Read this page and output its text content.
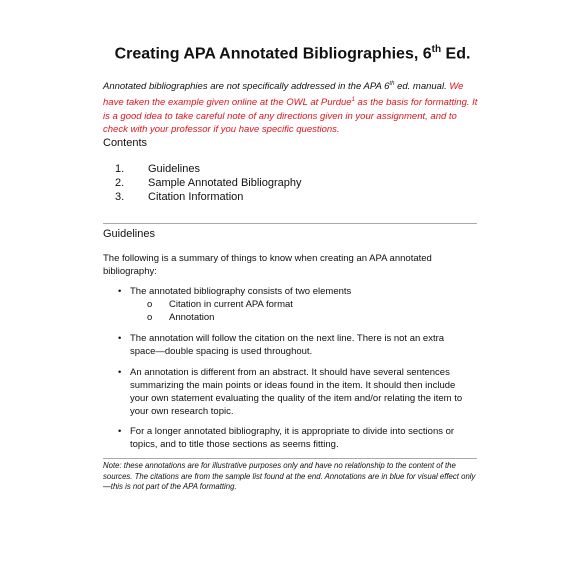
Creating APA Annotated Bibliographies, 6th Ed.
Annotated bibliographies are not specifically addressed in the APA 6th ed. manual. We have taken the example given online at the OWL at Purdue$^1$ as the basis for formatting. It is a good idea to take careful note of any directions given in your assignment, and to check with your professor if you have specific questions.
Contents
1.	Guidelines
2.	Sample Annotated Bibliography
3.	Citation Information
Guidelines
The following is a summary of things to know when creating an APA annotated bibliography:
• The annotated bibliography consists of two elements
o Citation in current APA format
o Annotation
• The annotation will follow the citation on the next line. There is not an extra space—double spacing is used throughout.
• An annotation is different from an abstract. It should have several sentences summarizing the main points or ideas found in the item. It should then include your own statement evaluating the quality of the item and/or relating the item to your own research topic.
• For a longer annotated bibliography, it is appropriate to divide into sections or topics, and to title those sections as seems fitting.
Note: these annotations are for illustrative purposes only and have no relationship to the content of the sources. The citations are from the sample list found at the end. Annotations are in blue for visual effect only—this is not part of the APA formatting.
